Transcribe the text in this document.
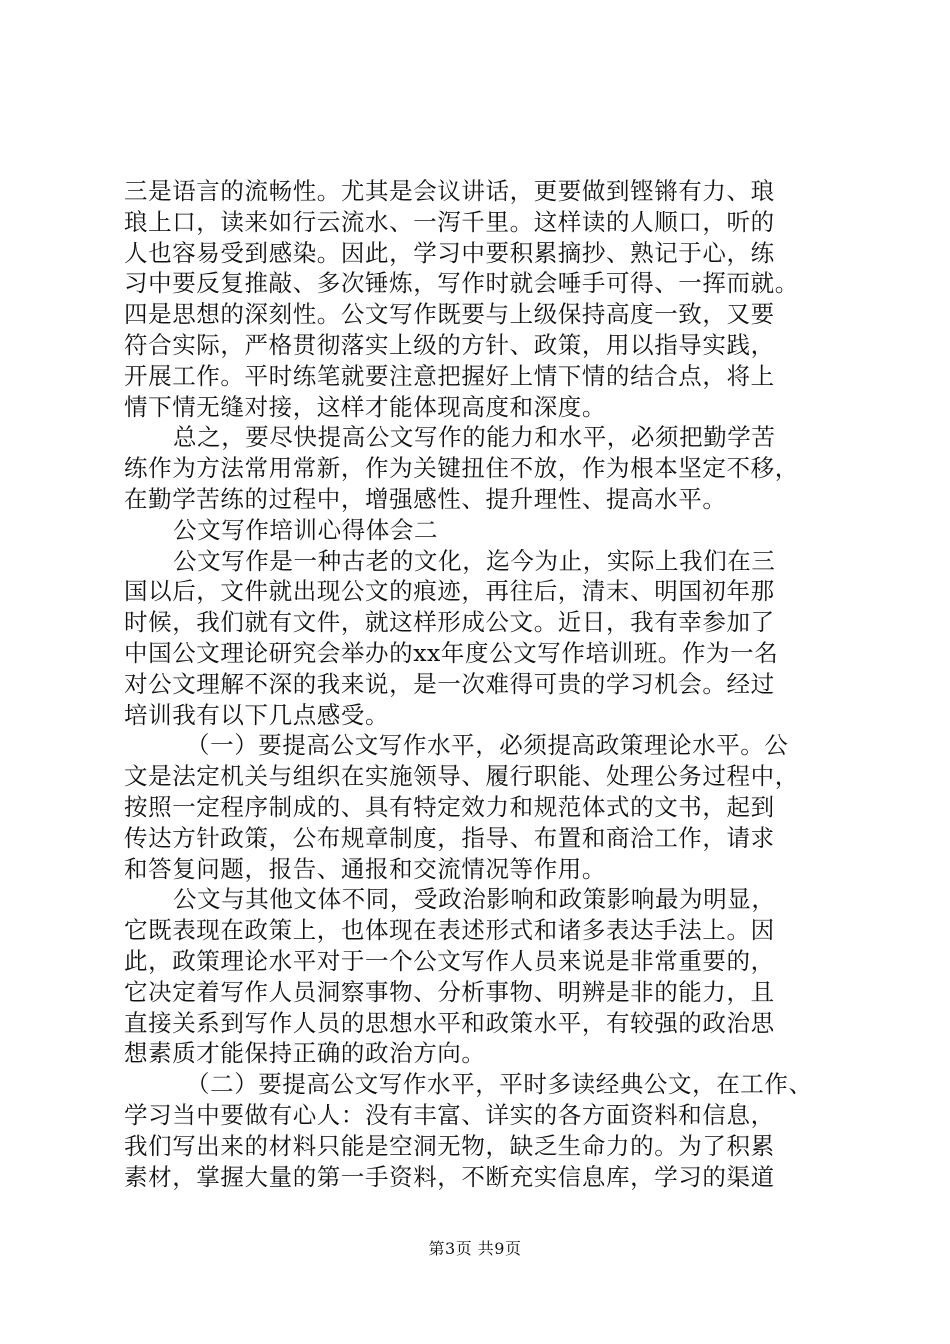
三是语言的流畅性。尤其是会议讲话，更要做到铿锵有力、琅
琅上口，读来如行云流水、一泻千里。这样读的人顺口，听的
人也容易受到感染。因此，学习中要积累摘抄、熟记于心，练
习中要反复推敲、多次锤炼，写作时就会唾手可得、一挥而就。
四是思想的深刻性。公文写作既要与上级保持高度一致，又要
符合实际，严格贯彻落实上级的方针、政策，用以指导实践，
开展工作。平时练笔就要注意把握好上情下情的结合点，将上
情下情无缝对接，这样才能体现高度和深度。
总之，要尽快提高公文写作的能力和水平，必须把勤学苦
练作为方法常用常新，作为关键扭住不放，作为根本坚定不移，
在勤学苦练的过程中，增强感性、提升理性、提高水平。
公文写作培训心得体会二
公文写作是一种古老的文化，迄今为止，实际上我们在三
国以后，文件就出现公文的痕迹，再往后，清末、明国初年那
时候，我们就有文件，就这样形成公文。近日，我有幸参加了
中国公文理论研究会举办的xx年度公文写作培训班。作为一名
对公文理解不深的我来说，是一次难得可贵的学习机会。经过
培训我有以下几点感受。
（一）要提高公文写作水平，必须提高政策理论水平。公
文是法定机关与组织在实施领导、履行职能、处理公务过程中，
按照一定程序制成的、具有特定效力和规范体式的文书，起到
传达方针政策，公布规章制度，指导、布置和商洽工作，请求
和答复问题，报告、通报和交流情况等作用。
公文与其他文体不同，受政治影响和政策影响最为明显，
它既表现在政策上，也体现在表述形式和诸多表达手法上。因
此，政策理论水平对于一个公文写作人员来说是非常重要的，
它决定着写作人员洞察事物、分析事物、明辨是非的能力，且
直接关系到写作人员的思想水平和政策水平，有较强的政治思
想素质才能保持正确的政治方向。
（二）要提高公文写作水平，平时多读经典公文，在工作、
学习当中要做有心人：没有丰富、详实的各方面资料和信息，
我们写出来的材料只能是空洞无物，缺乏生命力的。为了积累
素材，掌握大量的第一手资料，不断充实信息库，学习的渠道
第3页 共9页
